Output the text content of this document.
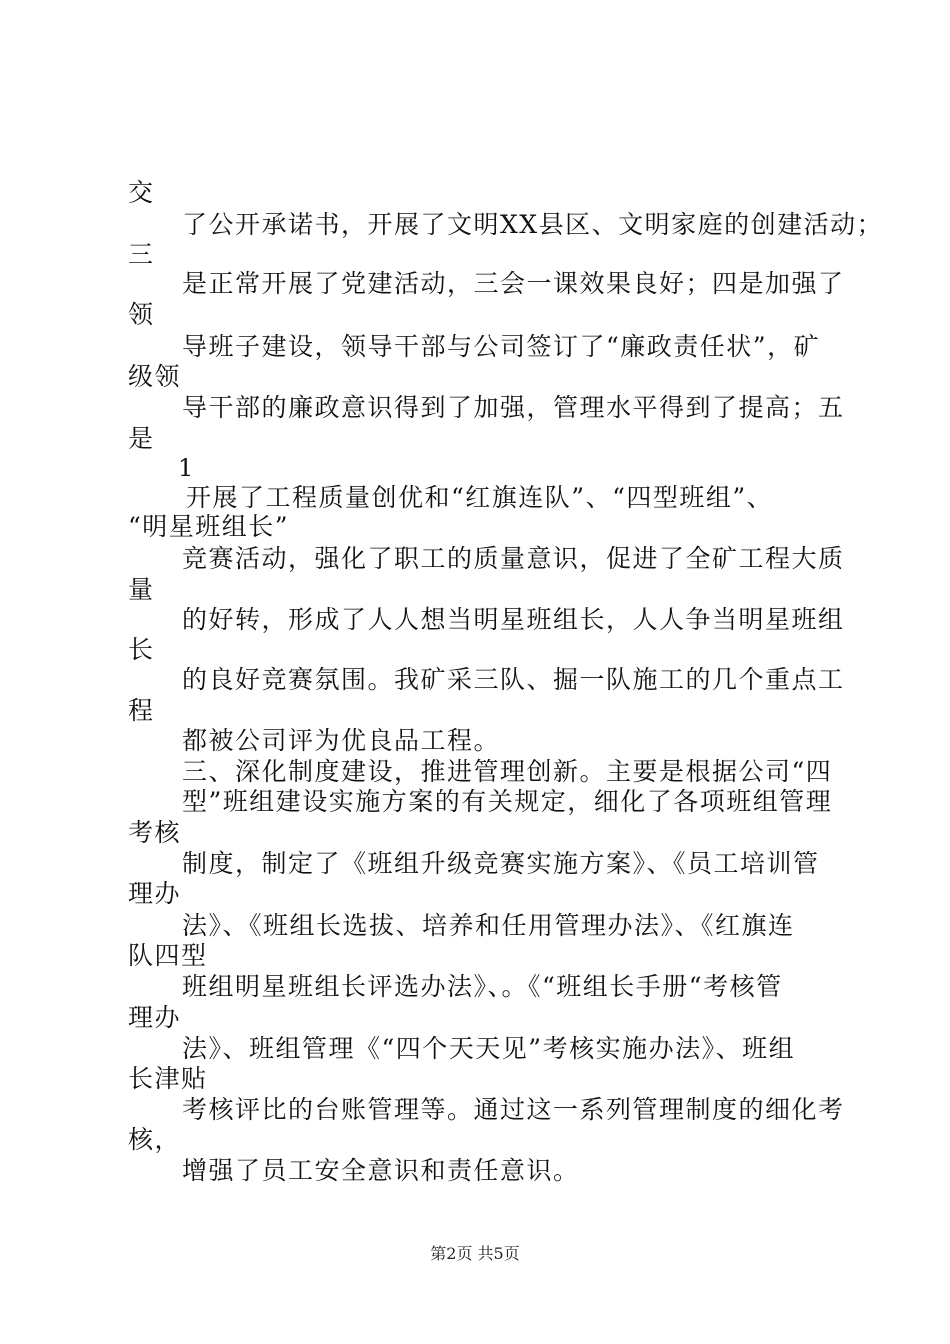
交
了公开承诺书，开展了文明XX县区、文明家庭的创建活动；
三
是正常开展了党建活动，三会一课效果良好；四是加强了
领
导班子建设，领导干部与公司签订了“廉政责任状”，矿
级领
导干部的廉政意识得到了加强，管理水平得到了提高；五
是
1
开展了工程质量创优和“红旗连队”、“四型班组”、
“明星班组长”
竞赛活动，强化了职工的质量意识，促进了全矿工程大质
量
的好转，形成了人人想当明星班组长，人人争当明星班组
长
的良好竞赛氛围。我矿采三队、掘一队施工的几个重点工
程
都被公司评为优良品工程。
三、深化制度建设，推进管理创新。主要是根据公司“四
型”班组建设实施方案的有关规定，细化了各项班组管理
考核
制度，制定了《班组升级竞赛实施方案》、《员工培训管
理办
法》、《班组长选拔、培养和任用管理办法》、《红旗连
队四型
班组明星班组长评选办法》、。《“班组长手册“考核管
理办
法》、班组管理《“四个天天见”考核实施办法》、班组
长津贴
考核评比的台账管理等。通过这一系列管理制度的细化考
核，
增强了员工安全意识和责任意识。
第2页 共5页
